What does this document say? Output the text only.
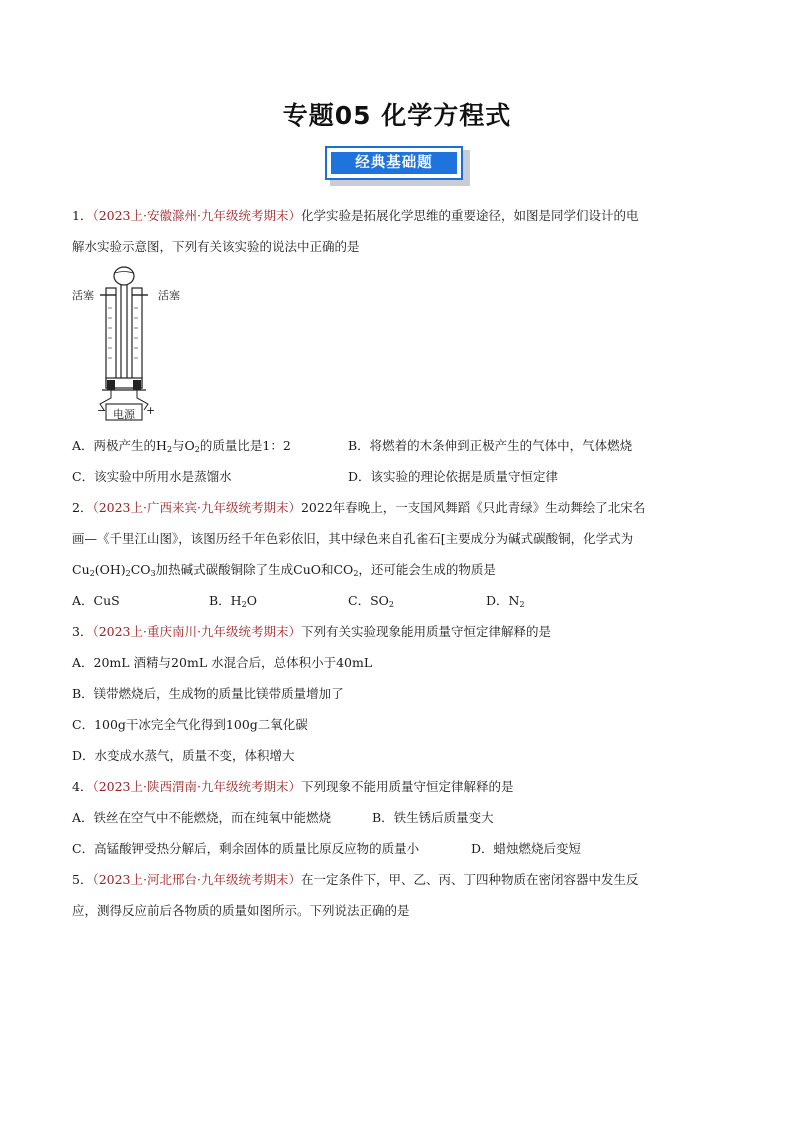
专题05 化学方程式
经典基础题
1．（2023上·安徽滁州·九年级统考期末）化学实验是拓展化学思维的重要途径，如图是同学们设计的电
解水实验示意图，下列有关该实验的说法中正确的是
活塞	活塞
电源
−	+
A．两极产生的$H_2$与$O_2$的质量比是1：2	B．将燃着的木条伸到正极产生的气体中，气体燃烧
C．该实验中所用水是蒸馏水	D．该实验的理论依据是质量守恒定律
2．（2023上·广西来宾·九年级统考期末）2022年春晚上，一支国风舞蹈《只此青绿》生动舞绘了北宋名
画—《千里江山图》，该图历经千年色彩依旧，其中绿色来自孔雀石[主要成分为碱式碳酸铜，化学式为
$Cu_2(OH)_2CO_3$加热碱式碳酸铜除了生成CuO和$CO_2$，还可能会生成的物质是
A．CuS	B．$H_2O$	C．$SO_2$	D．$N_2$
3．（2023上·重庆南川·九年级统考期末）下列有关实验现象能用质量守恒定律解释的是
A．20mL 酒精与20mL 水混合后，总体积小于40mL
B．镁带燃烧后，生成物的质量比镁带质量增加了
C．100g干冰完全气化得到100g二氧化碳
D．水变成水蒸气，质量不变，体积增大
4．（2023上·陕西渭南·九年级统考期末）下列现象不能用质量守恒定律解释的是
A．铁丝在空气中不能燃烧，而在纯氧中能燃烧	B．铁生锈后质量变大
C．高锰酸钾受热分解后，剩余固体的质量比原反应物的质量小	D．蜡烛燃烧后变短
5．（2023上·河北邢台·九年级统考期末）在一定条件下，甲、乙、丙、丁四种物质在密闭容器中发生反
应，测得反应前后各物质的质量如图所示。下列说法正确的是
